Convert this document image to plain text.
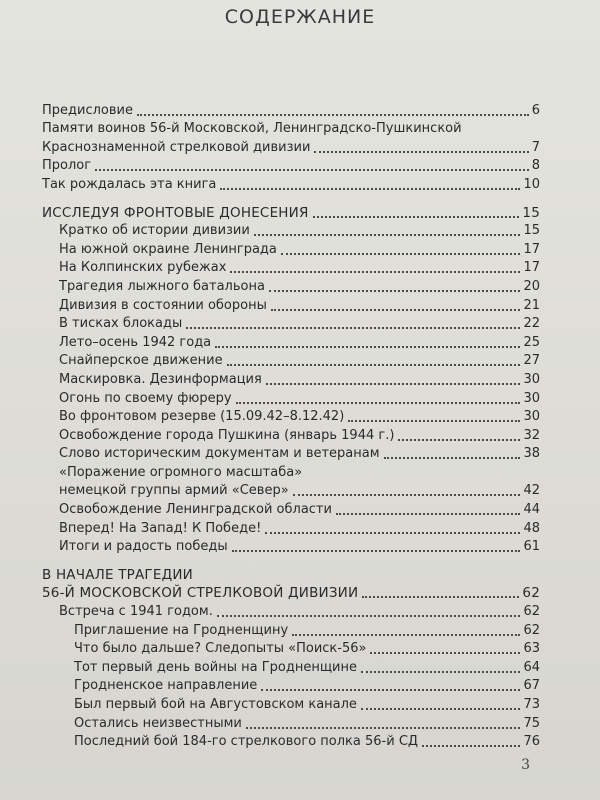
СОДЕРЖАНИЕ
Предисловие	6
Памяти воинов 56-й Московской, Ленинградско-Пушкинской
Краснознаменной стрелковой дивизии	7
Пролог	8
Так рождалась эта книга	10
ИССЛЕДУЯ ФРОНТОВЫЕ ДОНЕСЕНИЯ	15
Кратко об истории дивизии	15
На южной окраине Ленинграда	17
На Колпинских рубежах	17
Трагедия лыжного батальона	20
Дивизия в состоянии обороны	21
В тисках блокады	22
Лето–осень 1942 года	25
Снайперское движение	27
Маскировка. Дезинформация	30
Огонь по своему фюреру	30
Во фронтовом резерве (15.09.42–8.12.42)	30
Освобождение города Пушкина (январь 1944 г.)	32
Слово историческим документам и ветеранам	38
«Поражение огромного масштаба»
немецкой группы армий «Север»	42
Освобождение Ленинградской области	44
Вперед! На Запад! К Победе!	48
Итоги и радость победы	61
В НАЧАЛЕ ТРАГЕДИИ
56-Й МОСКОВСКОЙ СТРЕЛКОВОЙ ДИВИЗИИ	62
Встреча с 1941 годом.	62
Приглашение на Гродненщину	62
Что было дальше? Следопыты «Поиск-56»	63
Тот первый день войны на Гродненщине	64
Гродненское направление	67
Был первый бой на Августовском канале	73
Остались неизвестными	75
Последний бой 184-го стрелкового полка 56-й СД	76
3
